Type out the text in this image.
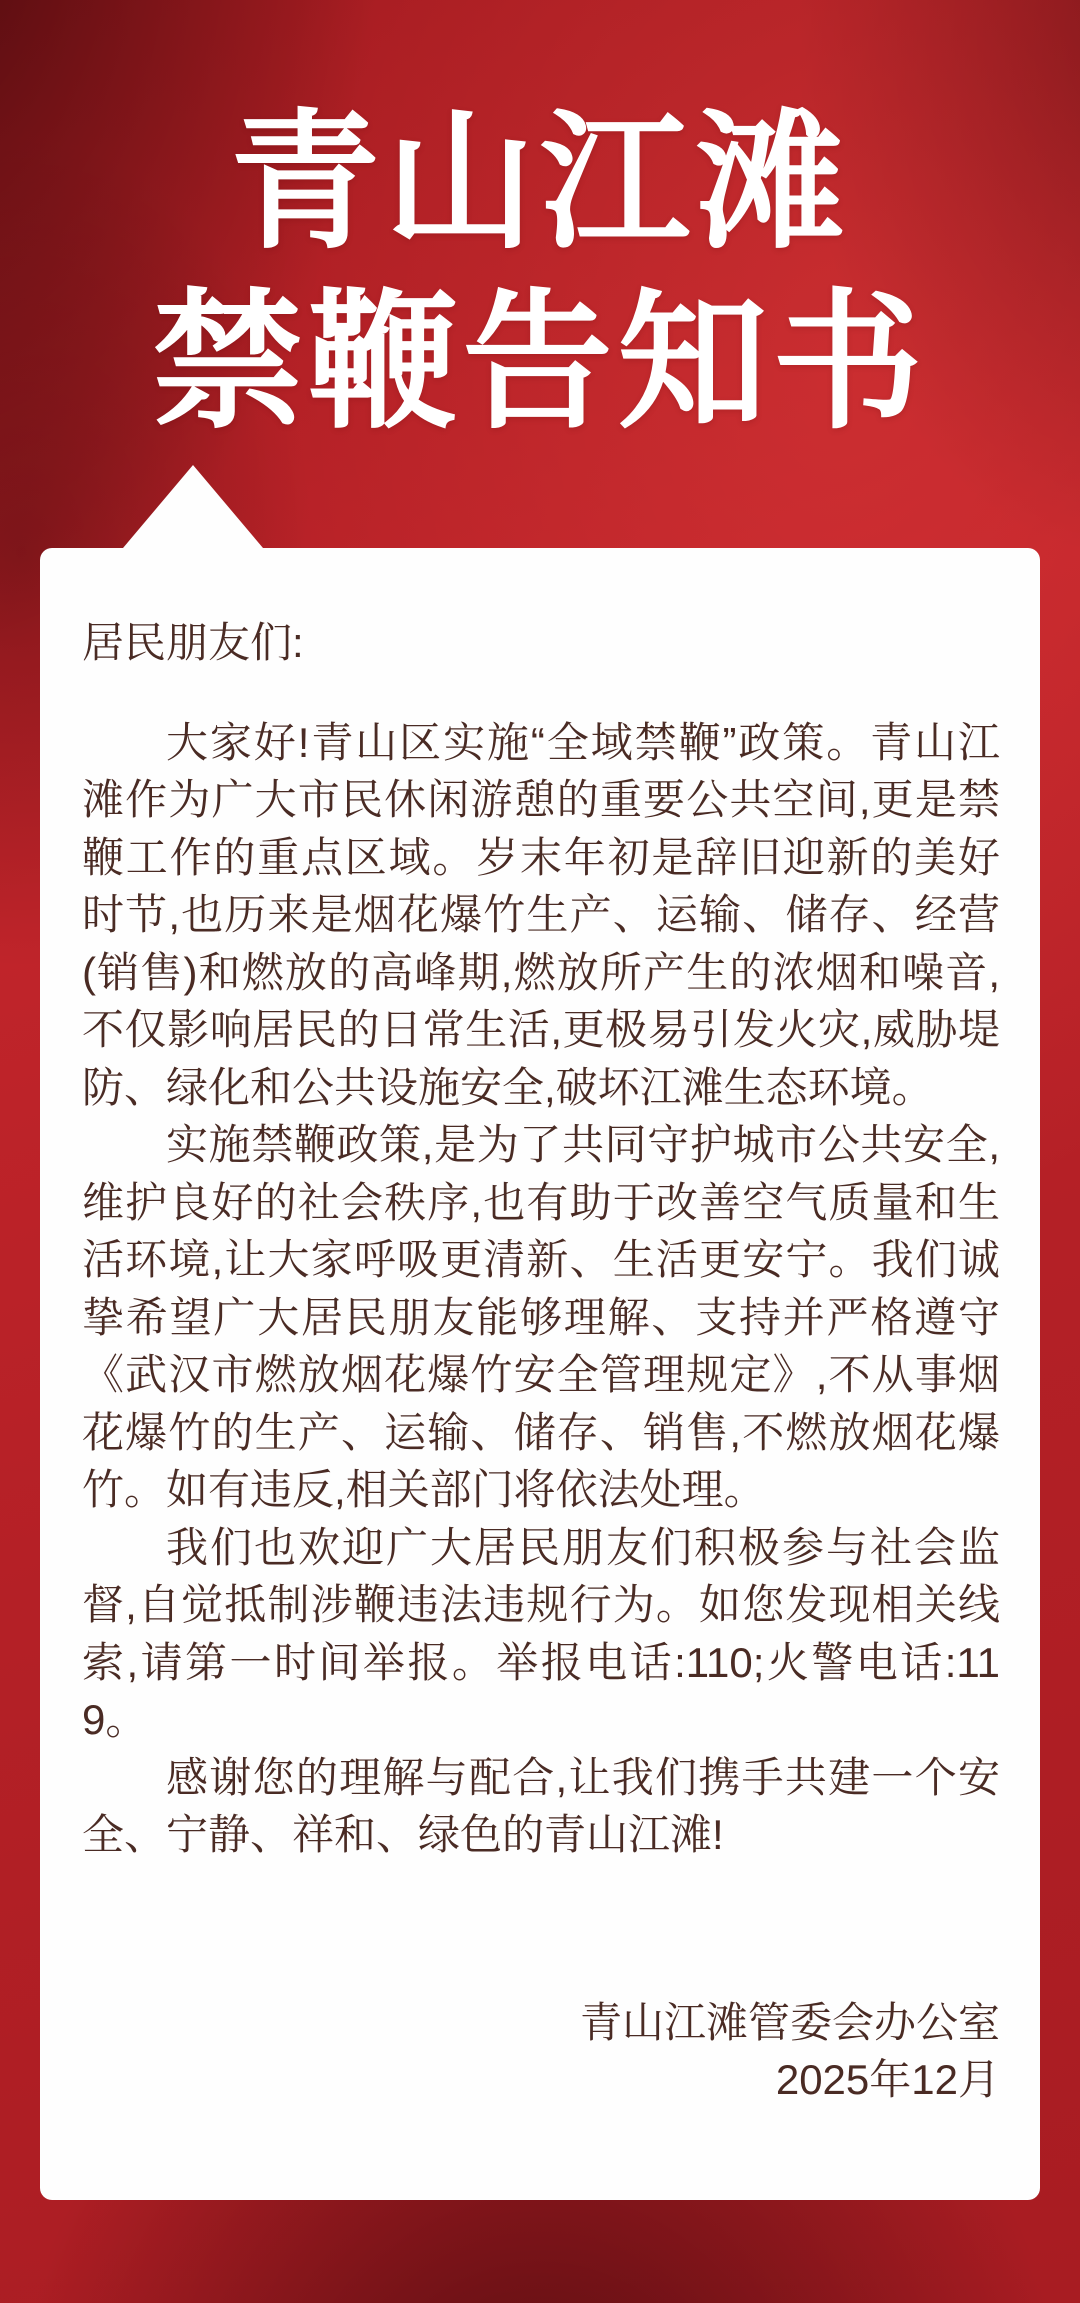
青山江滩
禁鞭告知书

居民朋友们:

大家好!青山区实施“全域禁鞭”政策。青山江滩作为广大市民休闲游憩的重要公共空间,更是禁鞭工作的重点区域。岁末年初是辞旧迎新的美好时节,也历来是烟花爆竹生产、运输、储存、经营(销售)和燃放的高峰期,燃放所产生的浓烟和噪音,不仅影响居民的日常生活,更极易引发火灾,威胁堤防、绿化和公共设施安全,破坏江滩生态环境。

实施禁鞭政策,是为了共同守护城市公共安全,维护良好的社会秩序,也有助于改善空气质量和生活环境,让大家呼吸更清新、生活更安宁。我们诚挚希望广大居民朋友能够理解、支持并严格遵守《武汉市燃放烟花爆竹安全管理规定》,不从事烟花爆竹的生产、运输、储存、销售,不燃放烟花爆竹。如有违反,相关部门将依法处理。

我们也欢迎广大居民朋友们积极参与社会监督,自觉抵制涉鞭违法违规行为。如您发现相关线索,请第一时间举报。举报电话:110;火警电话:119。

感谢您的理解与配合,让我们携手共建一个安全、宁静、祥和、绿色的青山江滩!

青山江滩管委会办公室
2025年12月
